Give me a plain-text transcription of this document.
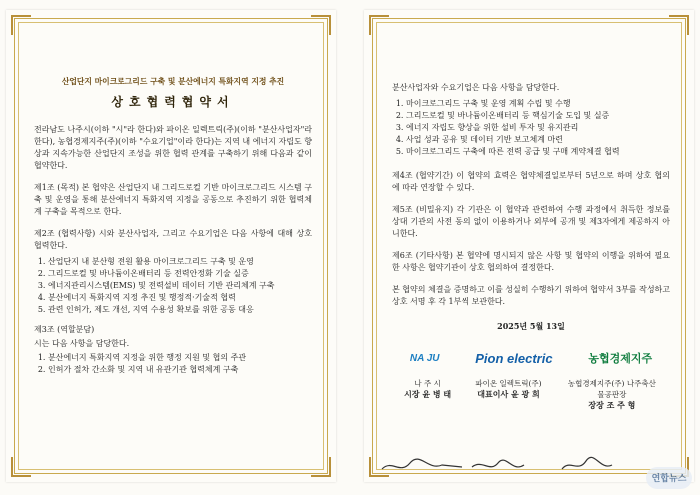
산업단지 마이크로그리드 구축 및 분산에너지 특화지역 지정 추진
상호협력협약서

전라남도 나주시(이하 "시"라 한다)와 파이온 일렉트릭(주)(이하 "분산사업자"라 한다), 농협경제지주(주)(이하 "수요기업"이라 한다)는 지역 내 에너지 자립도 향상과 지속가능한 산업단지 조성을 위한 협력 관계를 구축하기 위해 다음과 같이 협약한다.

제1조 (목적) 본 협약은 산업단지 내 그리드로컬 기반 마이크로그리드 시스템 구축 및 운영을 통해 분산에너지 특화지역 지정을 공동으로 추진하기 위한 협력체계 구축을 목적으로 한다.

제2조 (협력사항) 시와 분산사업자, 그리고 수요기업은 다음 사항에 대해 상호 협력한다.

1. 산업단지 내 분산형 전원 활용 마이크로그리드 구축 및 운영
2. 그리드로컬 및 바나듐이온배터리 등 전력안정화 기술 실증
3. 에너지관리시스템(EMS) 및 전력설비 데이터 기반 관리체계 구축
4. 분산에너지 특화지역 지정 추진 및 행정적·기술적 협력
5. 관련 인허가, 제도 개선, 지역 수용성 확보를 위한 공동 대응

제3조 (역할분담)

시는 다음 사항을 담당한다.

1. 분산에너지 특화지역 지정을 위한 행정 지원 및 협의 주관
2. 인허가 절차 간소화 및 지역 내 유관기관 협력체계 구축

분산사업자와 수요기업은 다음 사항을 담당한다.

1. 마이크로그리드 구축 및 운영 계획 수립 및 수행
2. 그리드로컬 및 바나듐이온배터리 등 핵심기술 도입 및 실증
3. 에너지 자립도 향상을 위한 설비 투자 및 유지관리
4. 사업 성과 공유 및 데이터 기반 보고체계 마련
5. 마이크로그리드 구축에 따른 전력 공급 및 구매 계약체결 협력

제4조 (협약기간) 이 협약의 효력은 협약체결일로부터 5년으로 하며 상호 협의에 따라 연장할 수 있다.

제5조 (비밀유지) 각 기관은 이 협약과 관련하여 수행 과정에서 취득한 정보를 상대 기관의 사전 동의 없이 이용하거나 외부에 공개 및 제3자에게 제공하지 아니한다.

제6조 (기타사항) 본 협약에 명시되지 않은 사항 및 협약의 이행을 위하여 필요한 사항은 협약기관이 상호 협의하여 결정한다.

본 협약의 체결을 증명하고 이를 성실히 수행하기 위하여 협약서 3부를 작성하고 상호 서명 후 각 1부씩 보관한다.

2025년 5월 13일
NA JU	Pion electric	농협경제지주
나 주 시
시장 윤 병 태
파이온 일렉트릭(주)
대표이사 윤 광 희
농협경제지주(주) 나주축산물공판장
장장 조 주 형
연합뉴스
